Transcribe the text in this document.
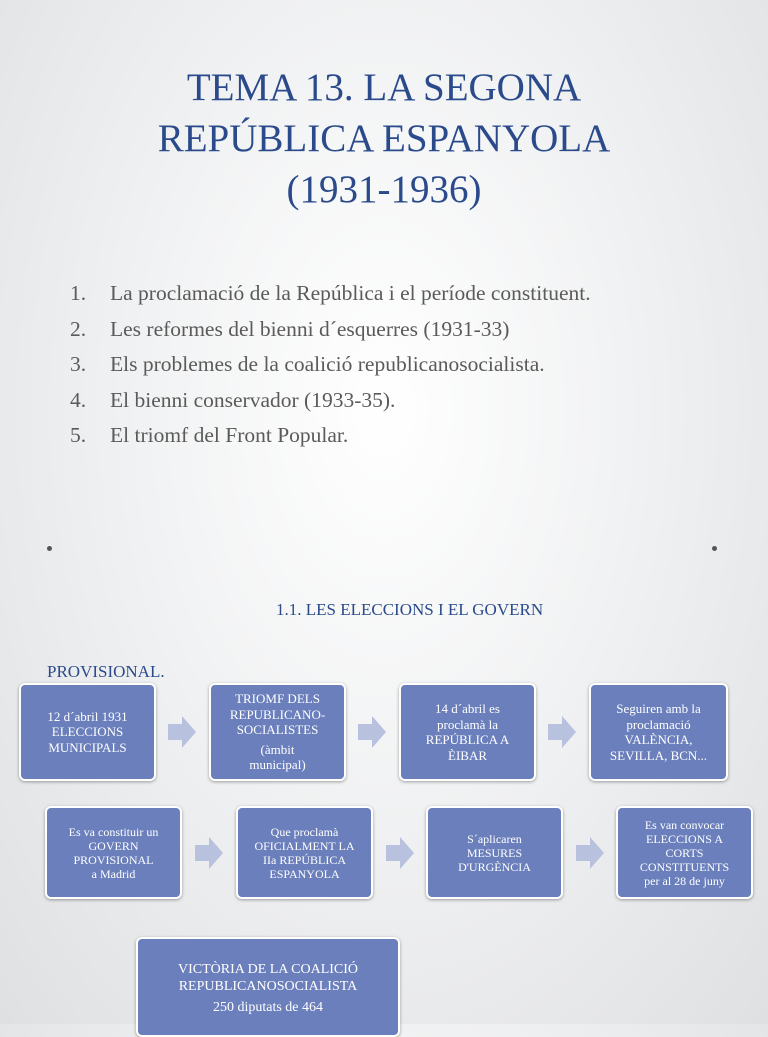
TEMA 13. LA SEGONA
REPÚBLICA ESPANYOLA
(1931-1936)
1. La proclamació de la República i el període constituent.
2. Les reformes del bienni d´esquerres (1931-33)
3. Els problemes de la coalició republicanosocialista.
4. El bienni conservador (1933-35).
5. El triomf del Front Popular.
1.1. LES ELECCIONS I EL GOVERN
PROVISIONAL.
12 d´abril 1931
ELECCIONS
MUNICIPALS
TRIOMF DELS
REPUBLICANO-
SOCIALISTES
(àmbit
municipal)
14 d´abril es
proclamà la
REPÚBLICA A
ÈIBAR
Seguiren amb la
proclamació
VALÈNCIA,
SEVILLA, BCN...
Es va constituir un
GOVERN
PROVISIONAL
a Madrid
Que proclamà
OFICIALMENT LA
IIa REPÚBLICA
ESPANYOLA
S´aplicaren
MESURES
D'URGÈNCIA
Es van convocar
ELECCIONS A
CORTS
CONSTITUENTS
per al 28 de juny
VICTÒRIA DE LA COALICIÓ
REPUBLICANOSOCIALISTA
250 diputats de 464
